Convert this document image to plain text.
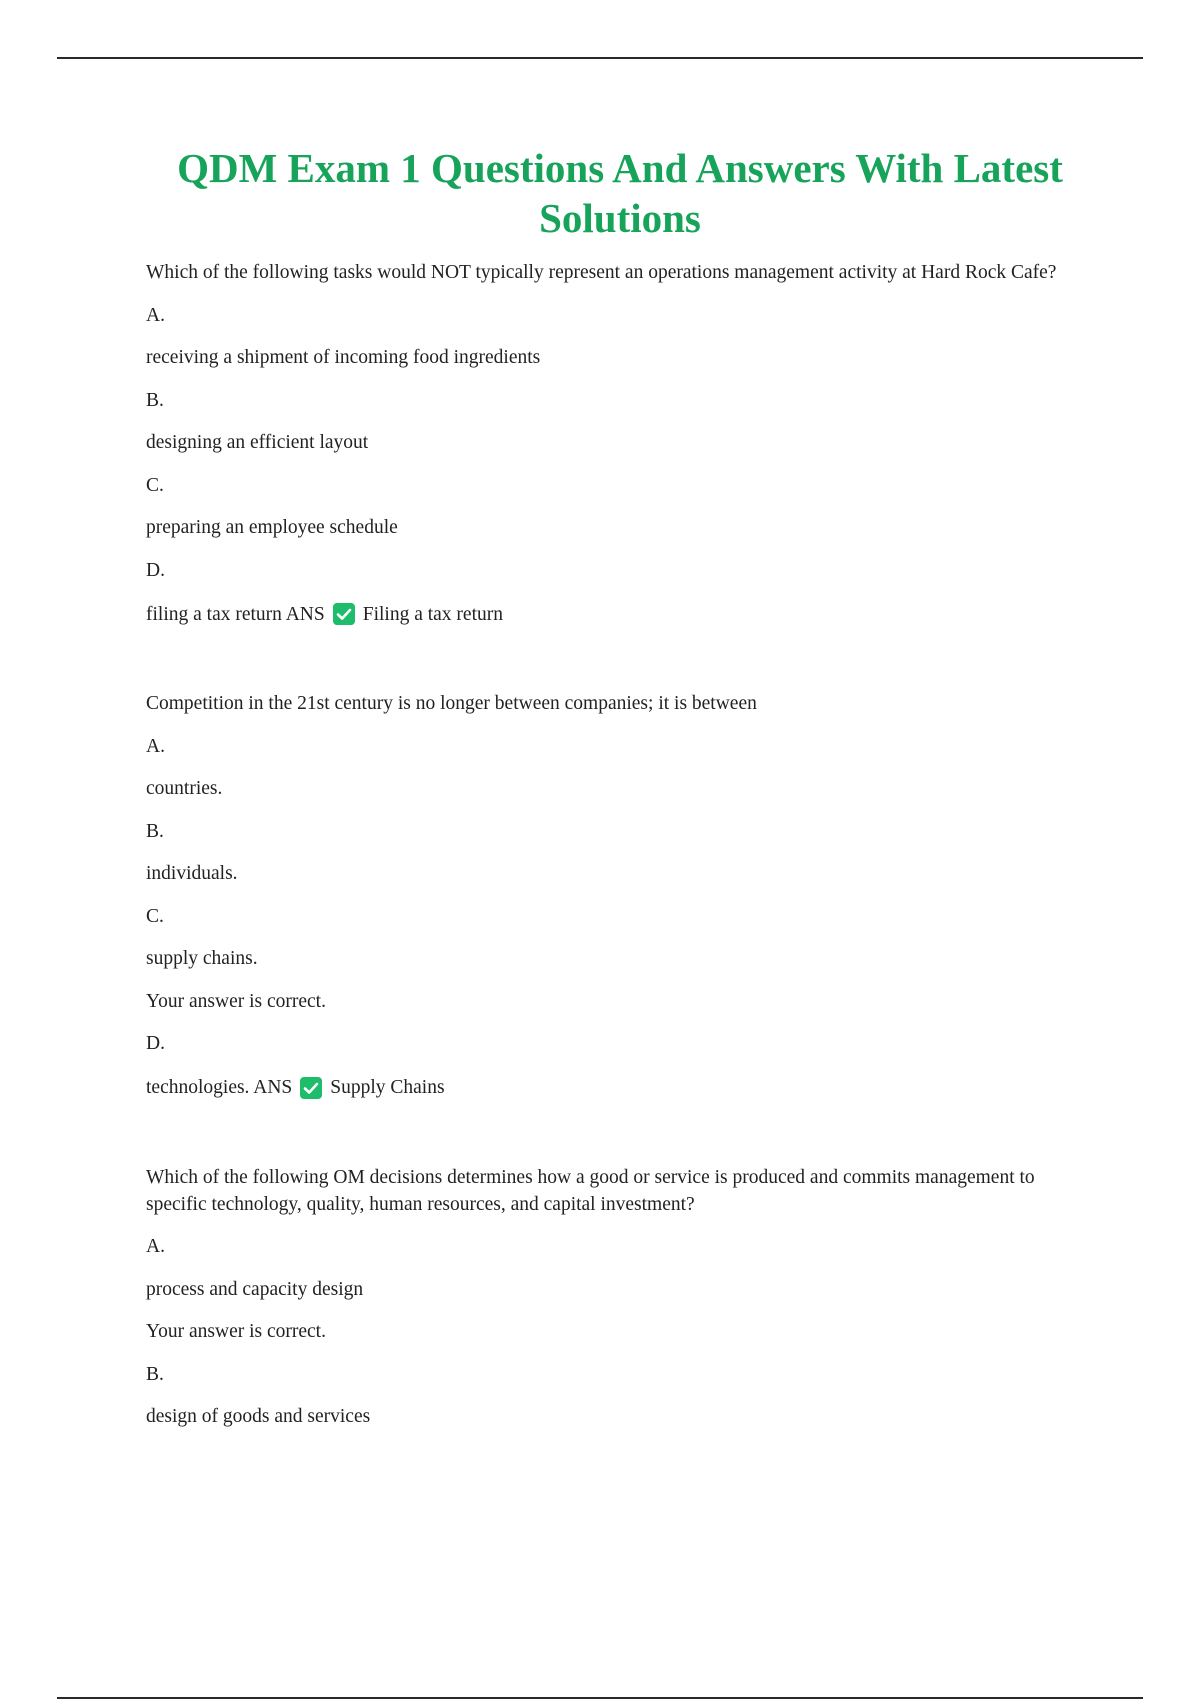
QDM Exam 1 Questions And Answers With Latest Solutions

Which of the following tasks would NOT typically represent an operations management activity at Hard Rock Cafe?

A.

receiving a shipment of incoming food ingredients

B.

designing an efficient layout

C.

preparing an employee schedule

D.

filing a tax return ANS Filing a tax return

Competition in the 21st century is no longer between companies; it is between

A.

countries.

B.

individuals.

C.

supply chains.

Your answer is correct.

D.

technologies. ANS Supply Chains

Which of the following OM decisions determines how a good or service is produced and commits management to specific technology, quality, human resources, and capital investment?

A.

process and capacity design

Your answer is correct.

B.

design of goods and services
